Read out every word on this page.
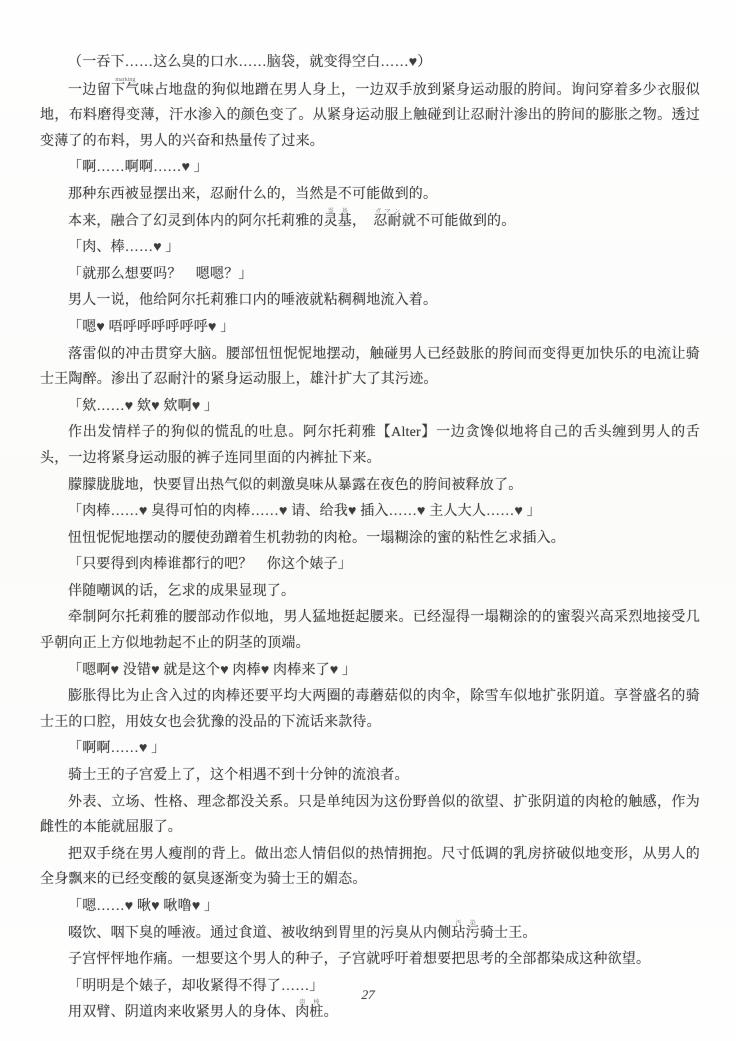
（一吞下……这么臭的口水……脑袋，就变得空白……♥）

一边留下气味marking占地盘的狗似地蹭在男人身上，一边双手放到紧身运动服的胯间。询问穿着多少衣服似地，布料磨得变薄，汗水渗入的颜色变了。从紧身运动服上触碰到让忍耐汁渗出的胯间的膨胀之物。透过变薄了的布料，男人的兴奋和热量传了过来。

「啊……啊啊……♥ 」

那种东西被显摆出来，忍耐什么的，当然是不可能做到的。

本来，融合了幻灵到体内的阿尔托莉雅的灵基霊基，　忍耐ガマン就不可能做到的。

「肉、棒……♥ 」

「就那么想要吗？　嗯嗯？」

男人一说，他给阿尔托莉雅口内的唾液就粘稠稠地流入着。

「嗯♥ 唔呼呼呼呼呼呼♥ 」

落雷似的冲击贯穿大脑。腰部忸忸怩怩地摆动，触碰男人已经鼓胀的胯间而变得更加快乐的电流让骑士王陶醉。渗出了忍耐汁的紧身运动服上，雄汁扩大了其污迹。

「欸……♥ 欸♥ 欸啊♥ 」

作出发情样子的狗似的慌乱的吐息。阿尔托莉雅【Alter】一边贪馋似地将自己的舌头缠到男人的舌头，一边将紧身运动服的裤子连同里面的内裤扯下来。

朦朦胧胧地，快要冒出热气似的刺激臭味从暴露在夜色的胯间被释放了。

「肉棒……♥ 臭得可怕的肉棒……♥ 请、给我♥ 插入……♥ 主人大人……♥ 」

忸忸怩怩地摆动的腰使劲蹭着生机勃勃的肉枪。一塌糊涂的蜜的粘性乞求插入。

「只要得到肉棒谁都行的吧？　你这个婊子」

伴随嘲讽的话，乞求的成果显现了。

牵制阿尔托莉雅的腰部动作似地，男人猛地挺起腰来。已经湿得一塌糊涂的的蜜裂兴高采烈地接受几乎朝向正上方似地勃起不止的阴茎的顶端。

「嗯啊♥ 没错♥ 就是这个♥ 肉棒♥ 肉棒来了♥ 」

膨胀得比为止含入过的肉棒还要平均大两圈的毒蘑菇似的肉伞，除雪车似地扩张阴道。享誉盛名的骑士王的口腔，用妓女也会犹豫的没品的下流话来款待。

「啊啊……♥ 」

骑士王的子宫爱上了，这个相遇不到十分钟的流浪者。

外表、立场、性格、理念都没关系。只是单纯因为这份野兽似的欲望、扩张阴道的肉枪的触感，作为雌性的本能就屈服了。

把双手绕在男人瘦削的背上。做出恋人情侣似的热情拥抱。尺寸低调的乳房挤破似地变形，从男人的全身飘来的已经变酸的氨臭逐渐变为骑士王的媚态。

「嗯……♥ 啾♥ 啾噜♥ 」

啜饮、咽下臭的唾液。通过食道、被收纳到胃里的污臭从内侧玷污汚染骑士王。

子宫怦怦地作痛。一想要这个男人的种子，子宫就呼吁着想要把思考的全部都染成这种欲望。

「明明是个婊子，却收紧得不得了……」

用双臂、阴道肉来收紧男人的身体、肉桩肉棒。

27
